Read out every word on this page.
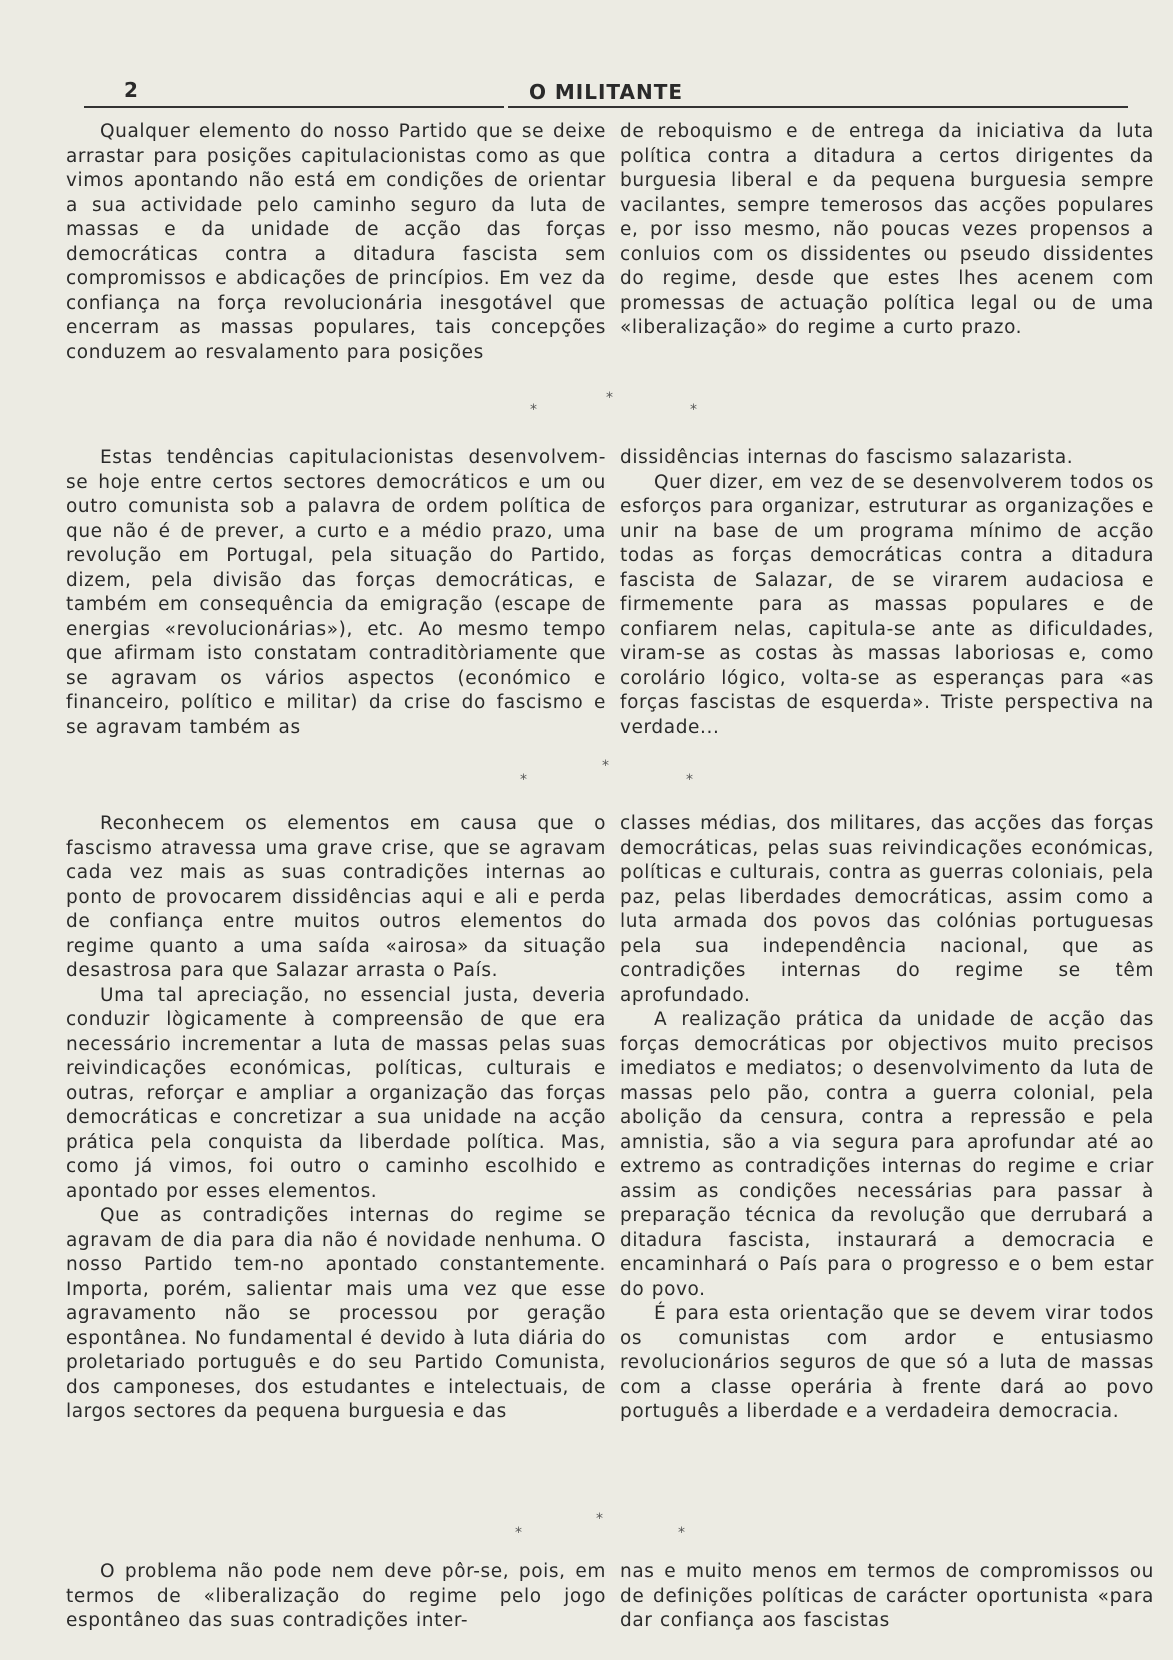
2	O MILITANTE

Qualquer elemento do nosso Partido que se deixe arrastar para posições capitulacionistas como as que vimos apontando não está em condições de orientar a sua actividade pelo caminho seguro da luta de massas e da unidade de acção das forças democráticas contra a ditadura fascista sem compromissos e abdicações de princípios. Em vez da confiança na força revolucionária inesgotável que encerram as massas populares, tais concepções conduzem ao resvalamento para posições

de reboquismo e de entrega da iniciativa da luta política contra a ditadura a certos dirigentes da burguesia liberal e da pequena burguesia sempre vacilantes, sempre temerosos das acções populares e, por isso mesmo, não poucas vezes propensos a conluios com os dissidentes ou pseudo dissidentes do regime, desde que estes lhes acenem com promessas de actuação política legal ou de uma «liberalização» do regime a curto prazo.

*
*
*

Estas tendências capitulacionistas desenvolvem-se hoje entre certos sectores democráticos e um ou outro comunista sob a palavra de ordem política de que não é de prever, a curto e a médio prazo, uma revolução em Portugal, pela situação do Partido, dizem, pela divisão das forças democráticas, e também em consequência da emigração (escape de energias «revolucionárias»), etc. Ao mesmo tempo que afirmam isto constatam contraditòriamente que se agravam os vários aspectos (económico e financeiro, político e militar) da crise do fascismo e se agravam também as

dissidências internas do fascismo salazarista.

Quer dizer, em vez de se desenvolverem todos os esforços para organizar, estruturar as organizações e unir na base de um programa mínimo de acção todas as forças democráticas contra a ditadura fascista de Salazar, de se virarem audaciosa e firmemente para as massas populares e de confiarem nelas, capitula-se ante as dificuldades, viram-se as costas às massas laboriosas e, como corolário lógico, volta-se as esperanças para «as forças fascistas de esquerda». Triste perspectiva na verdade...

*
*
*

Reconhecem os elementos em causa que o fascismo atravessa uma grave crise, que se agravam cada vez mais as suas contradições internas ao ponto de provocarem dissidências aqui e ali e perda de confiança entre muitos outros elementos do regime quanto a uma saída «airosa» da situação desastrosa para que Salazar arrasta o País.

Uma tal apreciação, no essencial justa, deveria conduzir lògicamente à compreensão de que era necessário incrementar a luta de massas pelas suas reivindicações económicas, políticas, culturais e outras, reforçar e ampliar a organização das forças democráticas e concretizar a sua unidade na acção prática pela conquista da liberdade política. Mas, como já vimos, foi outro o caminho escolhido e apontado por esses elementos.

Que as contradições internas do regime se agravam de dia para dia não é novidade nenhuma. O nosso Partido tem-no apontado constantemente. Importa, porém, salientar mais uma vez que esse agravamento não se processou por geração espontânea. No fundamental é devido à luta diária do proletariado português e do seu Partido Comunista, dos camponeses, dos estudantes e intelectuais, de largos sectores da pequena burguesia e das

classes médias, dos militares, das acções das forças democráticas, pelas suas reivindicações económicas, políticas e culturais, contra as guerras coloniais, pela paz, pelas liberdades democráticas, assim como a luta armada dos povos das colónias portuguesas pela sua independência nacional, que as contradições internas do regime se têm aprofundado.

A realização prática da unidade de acção das forças democráticas por objectivos muito precisos imediatos e mediatos; o desenvolvimento da luta de massas pelo pão, contra a guerra colonial, pela abolição da censura, contra a repressão e pela amnistia, são a via segura para aprofundar até ao extremo as contradições internas do regime e criar assim as condições necessárias para passar à preparação técnica da revolução que derrubará a ditadura fascista, instaurará a democracia e encaminhará o País para o progresso e o bem estar do povo.

É para esta orientação que se devem virar todos os comunistas com ardor e entusiasmo revolucionários seguros de que só a luta de massas com a classe operária à frente dará ao povo português a liberdade e a verdadeira democracia.

*
*
*

O problema não pode nem deve pôr-se, pois, em termos de «liberalização do regime pelo jogo espontâneo das suas contradições inter-

nas e muito menos em termos de compromissos ou de definições políticas de carácter oportunista «para dar confiança aos fascistas
